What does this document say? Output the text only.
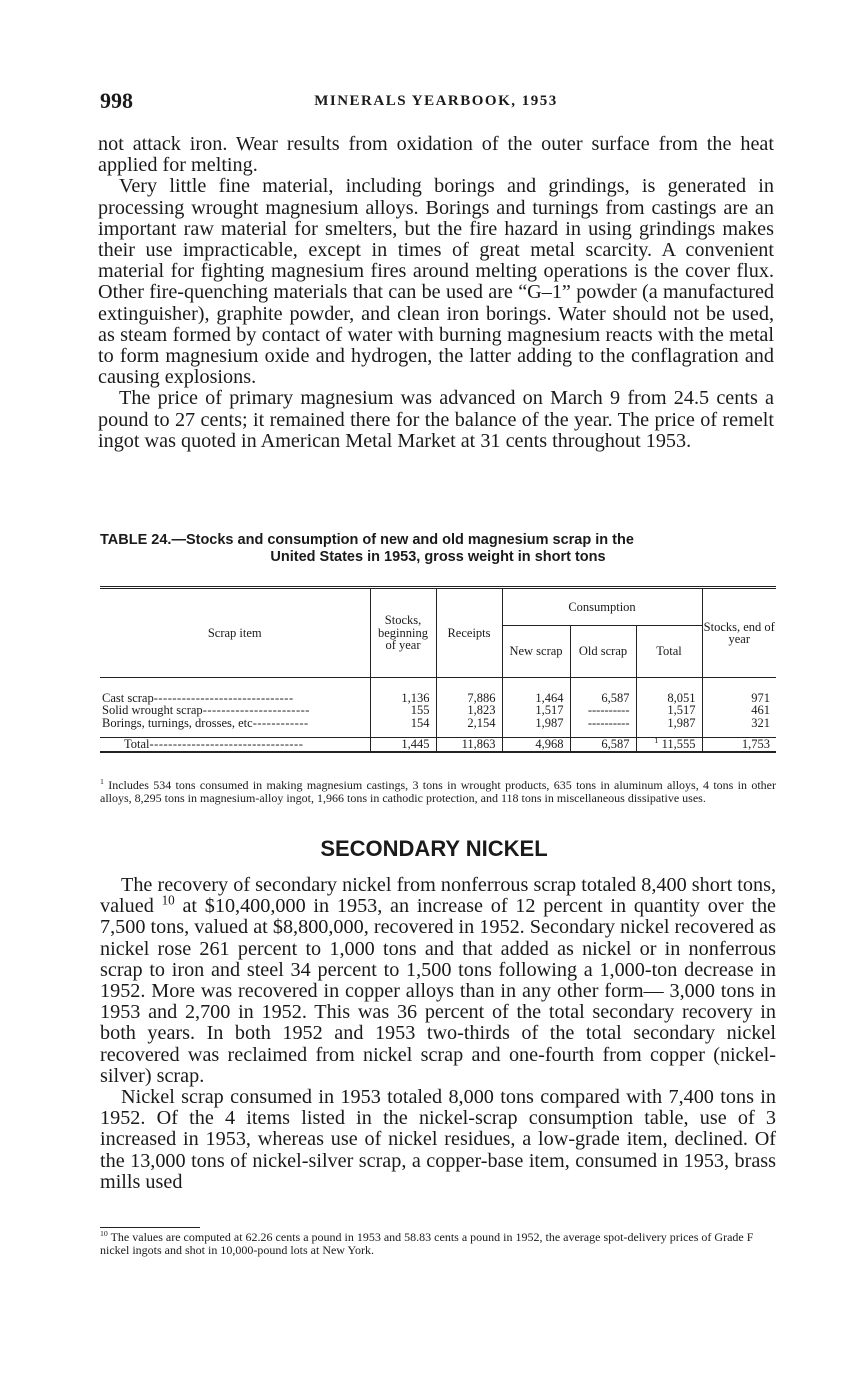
998	MINERALS YEARBOOK, 1953

not attack iron. Wear results from oxidation of the outer surface from the heat applied for melting.

Very little fine material, including borings and grindings, is generated in processing wrought magnesium alloys. Borings and turnings from castings are an important raw material for smelters, but the fire hazard in using grindings makes their use impracticable, except in times of great metal scarcity. A convenient material for fighting magnesium fires around melting operations is the cover flux. Other fire-quenching materials that can be used are “G–1” powder (a manufactured extinguisher), graphite powder, and clean iron borings. Water should not be used, as steam formed by contact of water with burning magnesium reacts with the metal to form magnesium oxide and hydrogen, the latter adding to the conflagration and causing explosions.

The price of primary magnesium was advanced on March 9 from 24.5 cents a pound to 27 cents; it remained there for the balance of the year. The price of remelt ingot was quoted in American Metal Market at 31 cents throughout 1953.

TABLE 24.—Stocks and consumption of new and old magnesium scrap in the
United States in 1953, gross weight in short tons
Scrap item	Stocks, beginning of year	Receipts	Consumption			Stocks, end of year
			New scrap	Old scrap	Total	

Cast scrap------------------------------	1,136	7,886	1,464	6,587	8,051	971
Solid wrought scrap-----------------------	155	1,823	1,517	----------	1,517	461
Borings, turnings, drosses, etc------------	154	2,154	1,987	----------	1,987	321
Total---------------------------------	1,445	11,863	4,968	6,587	$^1$ 11,555	1,753
$^1$ Includes 534 tons consumed in making magnesium castings, 3 tons in wrought products, 635 tons in aluminum alloys, 4 tons in other alloys, 8,295 tons in magnesium-alloy ingot, 1,966 tons in cathodic protection, and 118 tons in miscellaneous dissipative uses.
SECONDARY NICKEL

The recovery of secondary nickel from nonferrous scrap totaled 8,400 short tons, valued $^{10}$ at $10,400,000 in 1953, an increase of 12 percent in quantity over the 7,500 tons, valued at $8,800,000, recovered in 1952. Secondary nickel recovered as nickel rose 261 percent to 1,000 tons and that added as nickel or in nonferrous scrap to iron and steel 34 percent to 1,500 tons following a 1,000-ton decrease in 1952. More was recovered in copper alloys than in any other form— 3,000 tons in 1953 and 2,700 in 1952. This was 36 percent of the total secondary recovery in both years. In both 1952 and 1953 two-thirds of the total secondary nickel recovered was reclaimed from nickel scrap and one-fourth from copper (nickel-silver) scrap.

Nickel scrap consumed in 1953 totaled 8,000 tons compared with 7,400 tons in 1952. Of the 4 items listed in the nickel-scrap consumption table, use of 3 increased in 1953, whereas use of nickel residues, a low-grade item, declined. Of the 13,000 tons of nickel-silver scrap, a copper-base item, consumed in 1953, brass mills used

$^{10}$ The values are computed at 62.26 cents a pound in 1953 and 58.83 cents a pound in 1952, the average spot-delivery prices of Grade F nickel ingots and shot in 10,000-pound lots at New York.
